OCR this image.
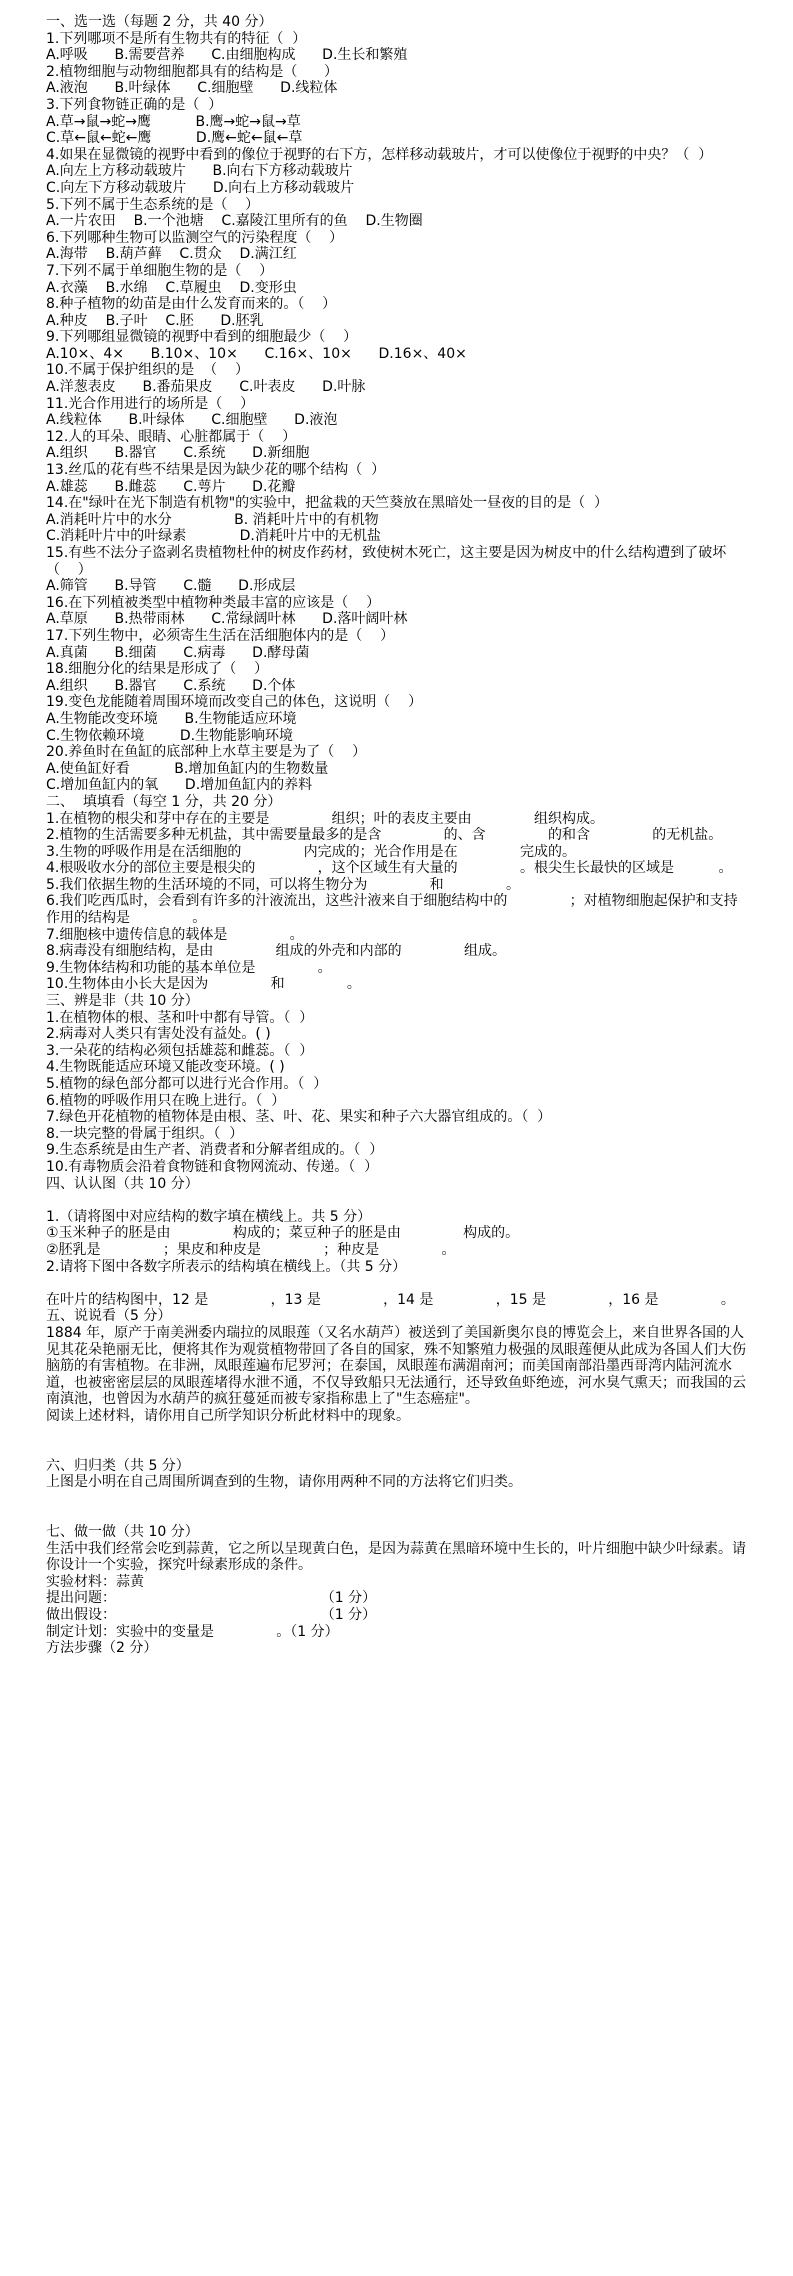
一、选一选（每题 2 分，共 40 分）
1.下列哪项不是所有生物共有的特征（  ）
A.呼吸      B.需要营养      C.由细胞构成      D.生长和繁殖
2.植物细胞与动物细胞都具有的结构是（      ）
A.液泡      B.叶绿体      C.细胞壁      D.线粒体
3.下列食物链正确的是（  ）
A.草→鼠→蛇→鹰          B.鹰→蛇→鼠→草
C.草←鼠←蛇←鹰          D.鹰←蛇←鼠←草
4.如果在显微镜的视野中看到的像位于视野的右下方，怎样移动载玻片，才可以使像位于视野的中央？（  ）
A.向左上方移动载玻片      B.向右下方移动载玻片
C.向左下方移动载玻片      D.向右上方移动载玻片
5.下列不属于生态系统的是（    ）
A.一片农田    B.一个池塘    C.嘉陵江里所有的鱼    D.生物圈
6.下列哪种生物可以监测空气的污染程度（    ）
A.海带    B.葫芦藓    C.贯众    D.满江红
7.下列不属于单细胞生物的是（    ）
A.衣藻    B.水绵    C.草履虫    D.变形虫
8.种子植物的幼苗是由什么发育而来的。（    ）
A.种皮    B.子叶    C.胚      D.胚乳
9.下列哪组显微镜的视野中看到的细胞最少（    ）
A.10×、4×      B.10×、10×      C.16×、10×      D.16×、40×
10.不属于保护组织的是  （    ）
A.洋葱表皮      B.番茄果皮      C.叶表皮      D.叶脉
11.光合作用进行的场所是（    ）
A.线粒体      B.叶绿体      C.细胞壁      D.液泡
12.人的耳朵、眼睛、心脏都属于（    ）
A.组织      B.器官      C.系统      D.新细胞
13.丝瓜的花有些不结果是因为缺少花的哪个结构（  ）
A.雄蕊      B.雌蕊      C.萼片      D.花瓣
14.在"绿叶在光下制造有机物"的实验中，把盆栽的天竺葵放在黑暗处一昼夜的目的是（  ）
A.消耗叶片中的水分              B. 消耗叶片中的有机物
C.消耗叶片中的叶绿素            D.消耗叶片中的无机盐
15.有些不法分子盗剥名贵植物杜仲的树皮作药材，致使树木死亡，这主要是因为树皮中的什么结构遭到了破坏  （    ）
A.筛管      B.导管      C.髓      D.形成层
16.在下列植被类型中植物种类最丰富的应该是（    ）
A.草原      B.热带雨林      C.常绿阔叶林      D.落叶阔叶林
17.下列生物中，必须寄生生活在活细胞体内的是（    ）
A.真菌      B.细菌      C.病毒      D.酵母菌
18.细胞分化的结果是形成了（    ）
A.组织      B.器官      C.系统      D.个体
19.变色龙能随着周围环境而改变自己的体色，这说明（    ）
A.生物能改变环境      B.生物能适应环境
C.生物依赖环境        D.生物能影响环境
20.养鱼时在鱼缸的底部种上水草主要是为了（    ）
A.使鱼缸好看          B.增加鱼缸内的生物数量
C.增加鱼缸内的氧      D.增加鱼缸内的养料
二、  填填看（每空 1 分，共 20 分）
1.在植物的根尖和芽中存在的主要是              组织；叶的表皮主要由              组织构成。
2.植物的生活需要多种无机盐，其中需要量最多的是含              的、含              的和含              的无机盐。
3.生物的呼吸作用是在活细胞的              内完成的；光合作用是在              完成的。
4.根吸收水分的部位主要是根尖的              ，这个区域生有大量的              。根尖生长最快的区域是          。
5.我们依据生物的生活环境的不同，可以将生物分为              和              。
6.我们吃西瓜时，会看到有许多的汁液流出，这些汁液来自于细胞结构中的              ；对植物细胞起保护和支持作用的结构是              。
7.细胞核中遗传信息的载体是              。
8.病毒没有细胞结构，是由              组成的外壳和内部的              组成。
9.生物体结构和功能的基本单位是              。
10.生物体由小长大是因为              和              。
三、辨是非（共 10 分）
1.在植物体的根、茎和叶中都有导管。（  ）
2.病毒对人类只有害处没有益处。( )
3.一朵花的结构必须包括雄蕊和雌蕊。（  ）
4.生物既能适应环境又能改变环境。( )
5.植物的绿色部分都可以进行光合作用。（  ）
6.植物的呼吸作用只在晚上进行。（  ）
7.绿色开花植物的植物体是由根、茎、叶、花、果实和种子六大器官组成的。（  ）
8.一块完整的骨属于组织。（  ）
9.生态系统是由生产者、消费者和分解者组成的。（  ）
10.有毒物质会沿着食物链和食物网流动、传递。（  ）
四、认认图（共 10 分）
1.（请将图中对应结构的数字填在横线上。共 5 分）
①玉米种子的胚是由              构成的；菜豆种子的胚是由              构成的。
②胚乳是              ；果皮和种皮是              ；种皮是              。
2.请将下图中各数字所表示的结构填在横线上。（共 5 分）
在叶片的结构图中，12 是              ，13 是              ，14 是              ，15 是              ，16 是              。
五、说说看（5 分）
1884 年，原产于南美洲委内瑞拉的凤眼莲（又名水葫芦）被送到了美国新奥尔良的博览会上，来自世界各国的人见其花朵艳丽无比，便将其作为观赏植物带回了各自的国家，殊不知繁殖力极强的凤眼莲便从此成为各国人们大伤脑筋的有害植物。在非洲，凤眼莲遍布尼罗河；在泰国，凤眼莲布满湄南河；而美国南部沿墨西哥湾内陆河流水道，也被密密层层的凤眼莲堵得水泄不通，不仅导致船只无法通行，还导致鱼虾绝迹，河水臭气熏天；而我国的云南滇池，也曾因为水葫芦的疯狂蔓延而被专家指称患上了"生态癌症"。
阅读上述材料，请你用自己所学知识分析此材料中的现象。
六、归归类（共 5 分）
上图是小明在自己周围所调查到的生物，请你用两种不同的方法将它们归类。
七、做一做（共 10 分）
生活中我们经常会吃到蒜黄，它之所以呈现黄白色，是因为蒜黄在黑暗环境中生长的，叶片细胞中缺少叶绿素。请你设计一个实验，探究叶绿素形成的条件。
实验材料：蒜黄
提出问题：                                              （1 分）
做出假设：                                              （1 分）
制定计划：实验中的变量是              。（1 分）
方法步骤（2 分）
